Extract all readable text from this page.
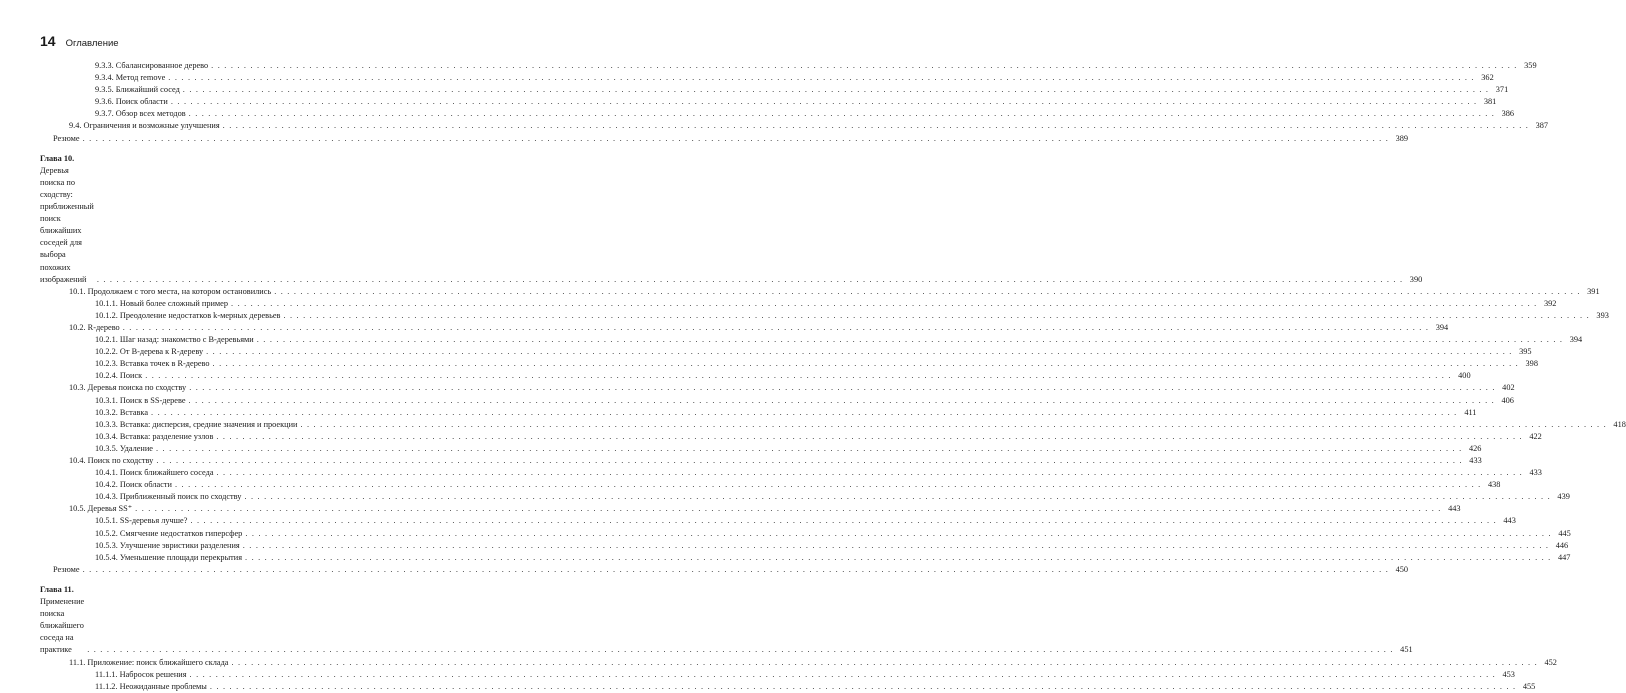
14 Оглавление
9.3.3. Сбалансированное дерево . . . . . . . . . . . . . . . . . . . . . . . . . . . . . . . . . . . . . . . . . . . . . . . . . . . . . . . . . . . . . . . . . . . . . . . . . . . . . . . . . . . . . . . . . . . . . . . . . . . . . . . . . . . . . . . . . . . . . . . . . . . . . . . . . . . . . . . . . . . . . . . . . . . . . . . . . . . . . . . . . . . . . . . . . . . . . . . . . . . . . . . . . . . . . . . . . . . . . . . . 359
9.3.4. Метод remove . . . . . . . . . . . . . . . . . . . . . . . . . . . . . . . . . . . . . . . . . . . . . . . . . . . . . . . . . . . . . . . . . . . . . . . . . . . . . . . . . . . . . . . . . . . . . . . . . . . . . . . . . . . . . . . . . . . . . . . . . . . . . . . . . . . . . . . . . . . . . . . . . . . . . . . . . . . . . . . . . . . . . . . . . . . . . . . . . . . . . . . . . . . . . . . . . . . . . . . . 362
9.3.5. Ближайший сосед . . . . . . . . . . . . . . . . . . . . . . . . . . . . . . . . . . . . . . . . . . . . . . . . . . . . . . . . . . . . . . . . . . . . . . . . . . . . . . . . . . . . . . . . . . . . . . . . . . . . . . . . . . . . . . . . . . . . . . . . . . . . . . . . . . . . . . . . . . . . . . . . . . . . . . . . . . . . . . . . . . . . . . . . . . . . . . . . . . . . . . . . . . . . . . . . . . . . . . . . 371
9.3.6. Поиск области . . . . . . . . . . . . . . . . . . . . . . . . . . . . . . . . . . . . . . . . . . . . . . . . . . . . . . . . . . . . . . . . . . . . . . . . . . . . . . . . . . . . . . . . . . . . . . . . . . . . . . . . . . . . . . . . . . . . . . . . . . . . . . . . . . . . . . . . . . . . . . . . . . . . . . . . . . . . . . . . . . . . . . . . . . . . . . . . . . . . . . . . . . . . . . . . . . . . . . . . 381
9.3.7. Обзор всех методов . . . . . . . . . . . . . . . . . . . . . . . . . . . . . . . . . . . . . . . . . . . . . . . . . . . . . . . . . . . . . . . . . . . . . . . . . . . . . . . . . . . . . . . . . . . . . . . . . . . . . . . . . . . . . . . . . . . . . . . . . . . . . . . . . . . . . . . . . . . . . . . . . . . . . . . . . . . . . . . . . . . . . . . . . . . . . . . . . . . . . . . . . . . . . . . . . . . . . . . . 386
9.4. Ограничения и возможные улучшения . . . . . . . . . . . . . . . . . . . . . . . . . . . . . . . . . . . . . . . . . . . . . . . . . . . . . . . . . . . . . . . . . . . . . . . . . . . . . . . . . . . . . . . . . . . . . . . . . . . . . . . . . . . . . . . . . . . . . . . . . . . . . . . . . . . . . . . . . . . . . . . . . . . . . . . . . . . . . . . . . . . . . . . . . . . . . . . . . . . . . . . . . . . . . . . . . . . . . . . . 387
Резюме . . . . . . . . . . . . . . . . . . . . . . . . . . . . . . . . . . . . . . . . . . . . . . . . . . . . . . . . . . . . . . . . . . . . . . . . . . . . . . . . . . . . . . . . . . . . . . . . . . . . . . . . . . . . . . . . . . . . . . . . . . . . . . . . . . . . . . . . . . . . . . . . . . . . . . . . . . . . . . . . . . . . . . . . . . . . . . . . . . . . . . . . . . . . . . . . . . . . . . . . 389
Глава 10. Деревья поиска по сходству: приближенный поиск ближайших
соседей для выбора похожих изображений	. . . . . . . . . . . . . . . . . . . . . . . . . . . . . . . . . . . . . . . . . . . . . . . . . . . . . . . . . . . . . . . . . . . . . . . . . . . . . . . . . . . . . . . . . . . . . . . . . . . . . . . . . . . . . . . . . . . . . . . . . . . . . . . . . . . . . . . . . . . . . . . . . . . . . . . . . . . . . . . . . . . . . . . . . . . . . . . . . . . . . . . . . . . . . . . . . . . . . . . . 390
10.1. Продолжаем с того места, на котором остановились . . . . . . . . . . . . . . . . . . . . . . . . . . . . . . . . . . . . . . . . . . . . . . . . . . . . . . . . . . . . . . . . . . . . . . . . . . . . . . . . . . . . . . . . . . . . . . . . . . . . . . . . . . . . . . . . . . . . . . . . . . . . . . . . . . . . . . . . . . . . . . . . . . . . . . . . . . . . . . . . . . . . . . . . . . . . . . . . . . . . . . . . . . . . . . . . . . . . . . . . 391
10.1.1. Новый более сложный пример . . . . . . . . . . . . . . . . . . . . . . . . . . . . . . . . . . . . . . . . . . . . . . . . . . . . . . . . . . . . . . . . . . . . . . . . . . . . . . . . . . . . . . . . . . . . . . . . . . . . . . . . . . . . . . . . . . . . . . . . . . . . . . . . . . . . . . . . . . . . . . . . . . . . . . . . . . . . . . . . . . . . . . . . . . . . . . . . . . . . . . . . . . . . . . . . . . . . . . . . 392
10.1.2. Преодоление недостатков k-мерных деревьев . . . . . . . . . . . . . . . . . . . . . . . . . . . . . . . . . . . . . . . . . . . . . . . . . . . . . . . . . . . . . . . . . . . . . . . . . . . . . . . . . . . . . . . . . . . . . . . . . . . . . . . . . . . . . . . . . . . . . . . . . . . . . . . . . . . . . . . . . . . . . . . . . . . . . . . . . . . . . . . . . . . . . . . . . . . . . . . . . . . . . . . . . . . . . . . . . . . . . . . . 393
10.2. R-дерево . . . . . . . . . . . . . . . . . . . . . . . . . . . . . . . . . . . . . . . . . . . . . . . . . . . . . . . . . . . . . . . . . . . . . . . . . . . . . . . . . . . . . . . . . . . . . . . . . . . . . . . . . . . . . . . . . . . . . . . . . . . . . . . . . . . . . . . . . . . . . . . . . . . . . . . . . . . . . . . . . . . . . . . . . . . . . . . . . . . . . . . . . . . . . . . . . . . . . . . . 394
10.2.1. Шаг назад: знакомство с B-деревьями . . . . . . . . . . . . . . . . . . . . . . . . . . . . . . . . . . . . . . . . . . . . . . . . . . . . . . . . . . . . . . . . . . . . . . . . . . . . . . . . . . . . . . . . . . . . . . . . . . . . . . . . . . . . . . . . . . . . . . . . . . . . . . . . . . . . . . . . . . . . . . . . . . . . . . . . . . . . . . . . . . . . . . . . . . . . . . . . . . . . . . . . . . . . . . . . . . . . . . . . 394
10.2.2. От B-дерева к R-дереву . . . . . . . . . . . . . . . . . . . . . . . . . . . . . . . . . . . . . . . . . . . . . . . . . . . . . . . . . . . . . . . . . . . . . . . . . . . . . . . . . . . . . . . . . . . . . . . . . . . . . . . . . . . . . . . . . . . . . . . . . . . . . . . . . . . . . . . . . . . . . . . . . . . . . . . . . . . . . . . . . . . . . . . . . . . . . . . . . . . . . . . . . . . . . . . . . . . . . . . . 395
10.2.3. Вставка точек в R-дерево . . . . . . . . . . . . . . . . . . . . . . . . . . . . . . . . . . . . . . . . . . . . . . . . . . . . . . . . . . . . . . . . . . . . . . . . . . . . . . . . . . . . . . . . . . . . . . . . . . . . . . . . . . . . . . . . . . . . . . . . . . . . . . . . . . . . . . . . . . . . . . . . . . . . . . . . . . . . . . . . . . . . . . . . . . . . . . . . . . . . . . . . . . . . . . . . . . . . . . . . 398
10.2.4. Поиск . . . . . . . . . . . . . . . . . . . . . . . . . . . . . . . . . . . . . . . . . . . . . . . . . . . . . . . . . . . . . . . . . . . . . . . . . . . . . . . . . . . . . . . . . . . . . . . . . . . . . . . . . . . . . . . . . . . . . . . . . . . . . . . . . . . . . . . . . . . . . . . . . . . . . . . . . . . . . . . . . . . . . . . . . . . . . . . . . . . . . . . . . . . . . . . . . . . . . . . . 400
10.3. Деревья поиска по сходству . . . . . . . . . . . . . . . . . . . . . . . . . . . . . . . . . . . . . . . . . . . . . . . . . . . . . . . . . . . . . . . . . . . . . . . . . . . . . . . . . . . . . . . . . . . . . . . . . . . . . . . . . . . . . . . . . . . . . . . . . . . . . . . . . . . . . . . . . . . . . . . . . . . . . . . . . . . . . . . . . . . . . . . . . . . . . . . . . . . . . . . . . . . . . . . . . . . . . . . . 402
10.3.1. Поиск в SS-дереве . . . . . . . . . . . . . . . . . . . . . . . . . . . . . . . . . . . . . . . . . . . . . . . . . . . . . . . . . . . . . . . . . . . . . . . . . . . . . . . . . . . . . . . . . . . . . . . . . . . . . . . . . . . . . . . . . . . . . . . . . . . . . . . . . . . . . . . . . . . . . . . . . . . . . . . . . . . . . . . . . . . . . . . . . . . . . . . . . . . . . . . . . . . . . . . . . . . . . . . . 406
10.3.2. Вставка . . . . . . . . . . . . . . . . . . . . . . . . . . . . . . . . . . . . . . . . . . . . . . . . . . . . . . . . . . . . . . . . . . . . . . . . . . . . . . . . . . . . . . . . . . . . . . . . . . . . . . . . . . . . . . . . . . . . . . . . . . . . . . . . . . . . . . . . . . . . . . . . . . . . . . . . . . . . . . . . . . . . . . . . . . . . . . . . . . . . . . . . . . . . . . . . . . . . . . . . 411
10.3.3. Вставка: дисперсия, средние значения и проекции . . . . . . . . . . . . . . . . . . . . . . . . . . . . . . . . . . . . . . . . . . . . . . . . . . . . . . . . . . . . . . . . . . . . . . . . . . . . . . . . . . . . . . . . . . . . . . . . . . . . . . . . . . . . . . . . . . . . . . . . . . . . . . . . . . . . . . . . . . . . . . . . . . . . . . . . . . . . . . . . . . . . . . . . . . . . . . . . . . . . . . . . . . . . . . . . . . . . . . . . 418
10.3.4. Вставка: разделение узлов . . . . . . . . . . . . . . . . . . . . . . . . . . . . . . . . . . . . . . . . . . . . . . . . . . . . . . . . . . . . . . . . . . . . . . . . . . . . . . . . . . . . . . . . . . . . . . . . . . . . . . . . . . . . . . . . . . . . . . . . . . . . . . . . . . . . . . . . . . . . . . . . . . . . . . . . . . . . . . . . . . . . . . . . . . . . . . . . . . . . . . . . . . . . . . . . . . . . . . . . 422
10.3.5. Удаление . . . . . . . . . . . . . . . . . . . . . . . . . . . . . . . . . . . . . . . . . . . . . . . . . . . . . . . . . . . . . . . . . . . . . . . . . . . . . . . . . . . . . . . . . . . . . . . . . . . . . . . . . . . . . . . . . . . . . . . . . . . . . . . . . . . . . . . . . . . . . . . . . . . . . . . . . . . . . . . . . . . . . . . . . . . . . . . . . . . . . . . . . . . . . . . . . . . . . . . . 426
10.4. Поиск по сходству . . . . . . . . . . . . . . . . . . . . . . . . . . . . . . . . . . . . . . . . . . . . . . . . . . . . . . . . . . . . . . . . . . . . . . . . . . . . . . . . . . . . . . . . . . . . . . . . . . . . . . . . . . . . . . . . . . . . . . . . . . . . . . . . . . . . . . . . . . . . . . . . . . . . . . . . . . . . . . . . . . . . . . . . . . . . . . . . . . . . . . . . . . . . . . . . . . . . . . . . 433
10.4.1. Поиск ближайшего соседа . . . . . . . . . . . . . . . . . . . . . . . . . . . . . . . . . . . . . . . . . . . . . . . . . . . . . . . . . . . . . . . . . . . . . . . . . . . . . . . . . . . . . . . . . . . . . . . . . . . . . . . . . . . . . . . . . . . . . . . . . . . . . . . . . . . . . . . . . . . . . . . . . . . . . . . . . . . . . . . . . . . . . . . . . . . . . . . . . . . . . . . . . . . . . . . . . . . . . . . . 433
10.4.2. Поиск области . . . . . . . . . . . . . . . . . . . . . . . . . . . . . . . . . . . . . . . . . . . . . . . . . . . . . . . . . . . . . . . . . . . . . . . . . . . . . . . . . . . . . . . . . . . . . . . . . . . . . . . . . . . . . . . . . . . . . . . . . . . . . . . . . . . . . . . . . . . . . . . . . . . . . . . . . . . . . . . . . . . . . . . . . . . . . . . . . . . . . . . . . . . . . . . . . . . . . . . . 438
10.4.3. Приближенный поиск по сходству . . . . . . . . . . . . . . . . . . . . . . . . . . . . . . . . . . . . . . . . . . . . . . . . . . . . . . . . . . . . . . . . . . . . . . . . . . . . . . . . . . . . . . . . . . . . . . . . . . . . . . . . . . . . . . . . . . . . . . . . . . . . . . . . . . . . . . . . . . . . . . . . . . . . . . . . . . . . . . . . . . . . . . . . . . . . . . . . . . . . . . . . . . . . . . . . . . . . . . . . 439
10.5. Деревья SS⁺ . . . . . . . . . . . . . . . . . . . . . . . . . . . . . . . . . . . . . . . . . . . . . . . . . . . . . . . . . . . . . . . . . . . . . . . . . . . . . . . . . . . . . . . . . . . . . . . . . . . . . . . . . . . . . . . . . . . . . . . . . . . . . . . . . . . . . . . . . . . . . . . . . . . . . . . . . . . . . . . . . . . . . . . . . . . . . . . . . . . . . . . . . . . . . . . . . . . . . . . . 443
10.5.1. SS-деревья лучше? . . . . . . . . . . . . . . . . . . . . . . . . . . . . . . . . . . . . . . . . . . . . . . . . . . . . . . . . . . . . . . . . . . . . . . . . . . . . . . . . . . . . . . . . . . . . . . . . . . . . . . . . . . . . . . . . . . . . . . . . . . . . . . . . . . . . . . . . . . . . . . . . . . . . . . . . . . . . . . . . . . . . . . . . . . . . . . . . . . . . . . . . . . . . . . . . . . . . . . . . 443
10.5.2. Смягчение недостатков гиперсфер . . . . . . . . . . . . . . . . . . . . . . . . . . . . . . . . . . . . . . . . . . . . . . . . . . . . . . . . . . . . . . . . . . . . . . . . . . . . . . . . . . . . . . . . . . . . . . . . . . . . . . . . . . . . . . . . . . . . . . . . . . . . . . . . . . . . . . . . . . . . . . . . . . . . . . . . . . . . . . . . . . . . . . . . . . . . . . . . . . . . . . . . . . . . . . . . . . . . . . . . 445
10.5.3. Улучшение эвристики разделения . . . . . . . . . . . . . . . . . . . . . . . . . . . . . . . . . . . . . . . . . . . . . . . . . . . . . . . . . . . . . . . . . . . . . . . . . . . . . . . . . . . . . . . . . . . . . . . . . . . . . . . . . . . . . . . . . . . . . . . . . . . . . . . . . . . . . . . . . . . . . . . . . . . . . . . . . . . . . . . . . . . . . . . . . . . . . . . . . . . . . . . . . . . . . . . . . . . . . . . . 446
10.5.4. Уменьшение площади перекрытия . . . . . . . . . . . . . . . . . . . . . . . . . . . . . . . . . . . . . . . . . . . . . . . . . . . . . . . . . . . . . . . . . . . . . . . . . . . . . . . . . . . . . . . . . . . . . . . . . . . . . . . . . . . . . . . . . . . . . . . . . . . . . . . . . . . . . . . . . . . . . . . . . . . . . . . . . . . . . . . . . . . . . . . . . . . . . . . . . . . . . . . . . . . . . . . . . . . . . . . . 447
Резюме . . . . . . . . . . . . . . . . . . . . . . . . . . . . . . . . . . . . . . . . . . . . . . . . . . . . . . . . . . . . . . . . . . . . . . . . . . . . . . . . . . . . . . . . . . . . . . . . . . . . . . . . . . . . . . . . . . . . . . . . . . . . . . . . . . . . . . . . . . . . . . . . . . . . . . . . . . . . . . . . . . . . . . . . . . . . . . . . . . . . . . . . . . . . . . . . . . . . . . . . 450
Глава 11. Применение поиска ближайшего соседа на практике	. . . . . . . . . . . . . . . . . . . . . . . . . . . . . . . . . . . . . . . . . . . . . . . . . . . . . . . . . . . . . . . . . . . . . . . . . . . . . . . . . . . . . . . . . . . . . . . . . . . . . . . . . . . . . . . . . . . . . . . . . . . . . . . . . . . . . . . . . . . . . . . . . . . . . . . . . . . . . . . . . . . . . . . . . . . . . . . . . . . . . . . . . . . . . . . . . . . . . . . . 451
11.1. Приложение: поиск ближайшего склада . . . . . . . . . . . . . . . . . . . . . . . . . . . . . . . . . . . . . . . . . . . . . . . . . . . . . . . . . . . . . . . . . . . . . . . . . . . . . . . . . . . . . . . . . . . . . . . . . . . . . . . . . . . . . . . . . . . . . . . . . . . . . . . . . . . . . . . . . . . . . . . . . . . . . . . . . . . . . . . . . . . . . . . . . . . . . . . . . . . . . . . . . . . . . . . . . . . . . . . . 452
11.1.1. Набросок решения . . . . . . . . . . . . . . . . . . . . . . . . . . . . . . . . . . . . . . . . . . . . . . . . . . . . . . . . . . . . . . . . . . . . . . . . . . . . . . . . . . . . . . . . . . . . . . . . . . . . . . . . . . . . . . . . . . . . . . . . . . . . . . . . . . . . . . . . . . . . . . . . . . . . . . . . . . . . . . . . . . . . . . . . . . . . . . . . . . . . . . . . . . . . . . . . . . . . . . . . 453
11.1.2. Неожиданные проблемы . . . . . . . . . . . . . . . . . . . . . . . . . . . . . . . . . . . . . . . . . . . . . . . . . . . . . . . . . . . . . . . . . . . . . . . . . . . . . . . . . . . . . . . . . . . . . . . . . . . . . . . . . . . . . . . . . . . . . . . . . . . . . . . . . . . . . . . . . . . . . . . . . . . . . . . . . . . . . . . . . . . . . . . . . . . . . . . . . . . . . . . . . . . . . . . . . . . . . . . . 455
